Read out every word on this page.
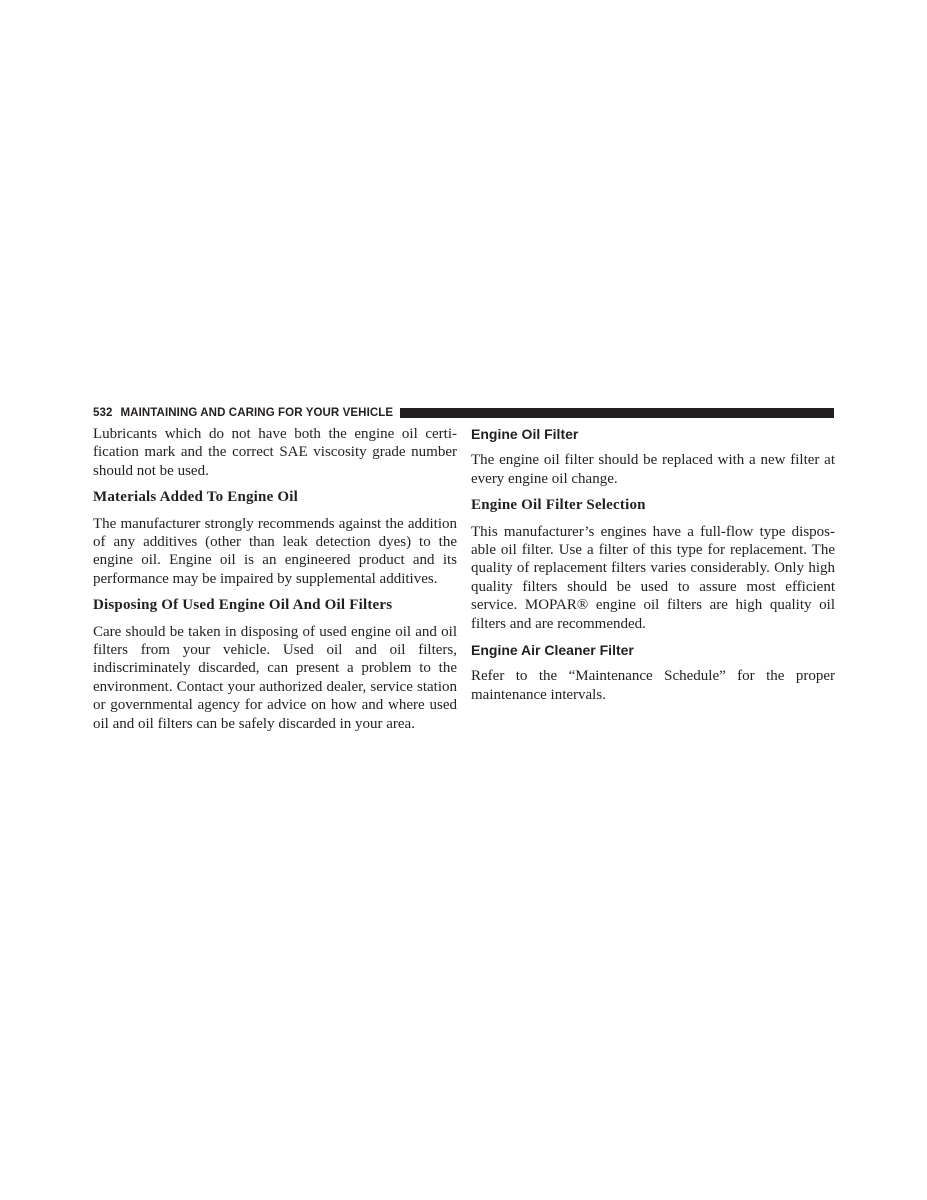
532 MAINTAINING AND CARING FOR YOUR VEHICLE

Lubricants which do not have both the engine oil certification mark and the correct SAE viscosity grade number should not be used.

Materials Added To Engine Oil

The manufacturer strongly recommends against the addition of any additives (other than leak detection dyes) to the engine oil. Engine oil is an engineered product and its performance may be impaired by supplemental additives.

Disposing Of Used Engine Oil And Oil Filters

Care should be taken in disposing of used engine oil and oil filters from your vehicle. Used oil and oil filters, indiscriminately discarded, can present a problem to the environment. Contact your authorized dealer, service station or governmental agency for advice on how and where used oil and oil filters can be safely discarded in your area.

Engine Oil Filter

The engine oil filter should be replaced with a new filter at every engine oil change.

Engine Oil Filter Selection

This manufacturer’s engines have a full-flow type disposable oil filter. Use a filter of this type for replacement. The quality of replacement filters varies considerably. Only high quality filters should be used to assure most efficient service. MOPAR® engine oil filters are high quality oil filters and are recommended.

Engine Air Cleaner Filter

Refer to the “Maintenance Schedule” for the proper maintenance intervals.
